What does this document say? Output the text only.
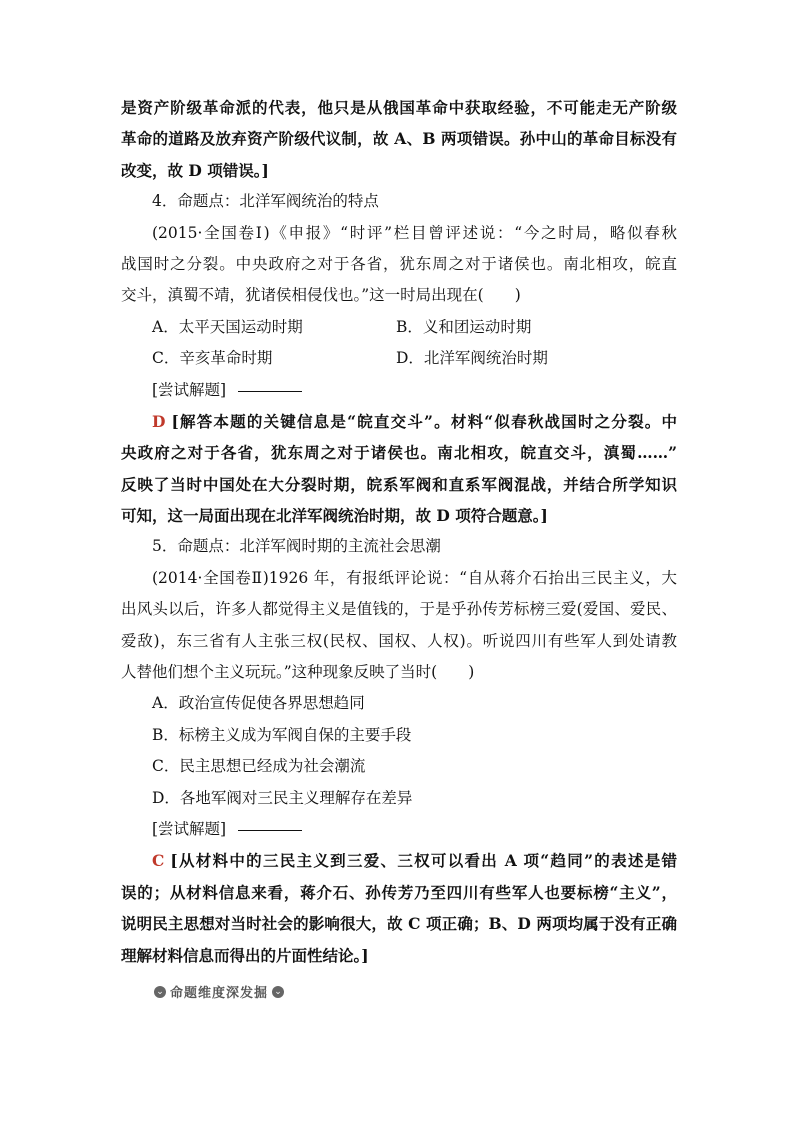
是资产阶级革命派的代表，他只是从俄国革命中获取经验，不可能走无产阶级
革命的道路及放弃资产阶级代议制，故 A、B 两项错误。孙中山的革命目标没有
改变，故 D 项错误。]
4．命题点：北洋军阀统治的特点
(2015·全国卷Ⅰ)《申报》“时评”栏目曾评述说：“今之时局，略似春秋
战国时之分裂。中央政府之对于各省，犹东周之对于诸侯也。南北相攻，皖直
交斗，滇蜀不靖，犹诸侯相侵伐也。”这一时局出现在(　　)
A．太平天国运动时期	B．义和团运动时期
C．辛亥革命时期	D．北洋军阀统治时期
[尝试解题]
D [解答本题的关键信息是“皖直交斗”。材料“似春秋战国时之分裂。中
央政府之对于各省，犹东周之对于诸侯也。南北相攻，皖直交斗，滇蜀……”
反映了当时中国处在大分裂时期，皖系军阀和直系军阀混战，并结合所学知识
可知，这一局面出现在北洋军阀统治时期，故 D 项符合题意。]
5．命题点：北洋军阀时期的主流社会思潮
(2014·全国卷Ⅱ)1926 年，有报纸评论说：“自从蒋介石抬出三民主义，大
出风头以后，许多人都觉得主义是值钱的，于是乎孙传芳标榜三爱(爱国、爱民、
爱敌)，东三省有人主张三权(民权、国权、人权)。听说四川有些军人到处请教
人替他们想个主义玩玩。”这种现象反映了当时(　　)
A．政治宣传促使各界思想趋同
B．标榜主义成为军阀自保的主要手段
C．民主思想已经成为社会潮流
D．各地军阀对三民主义理解存在差异
[尝试解题]
C [从材料中的三民主义到三爱、三权可以看出 A 项“趋同”的表述是错
误的；从材料信息来看，蒋介石、孙传芳乃至四川有些军人也要标榜“主义”，
说明民主思想对当时社会的影响很大，故 C 项正确；B、D 两项均属于没有正确
理解材料信息而得出的片面性结论。]
⌄ 命题维度深发掘 ⌄
